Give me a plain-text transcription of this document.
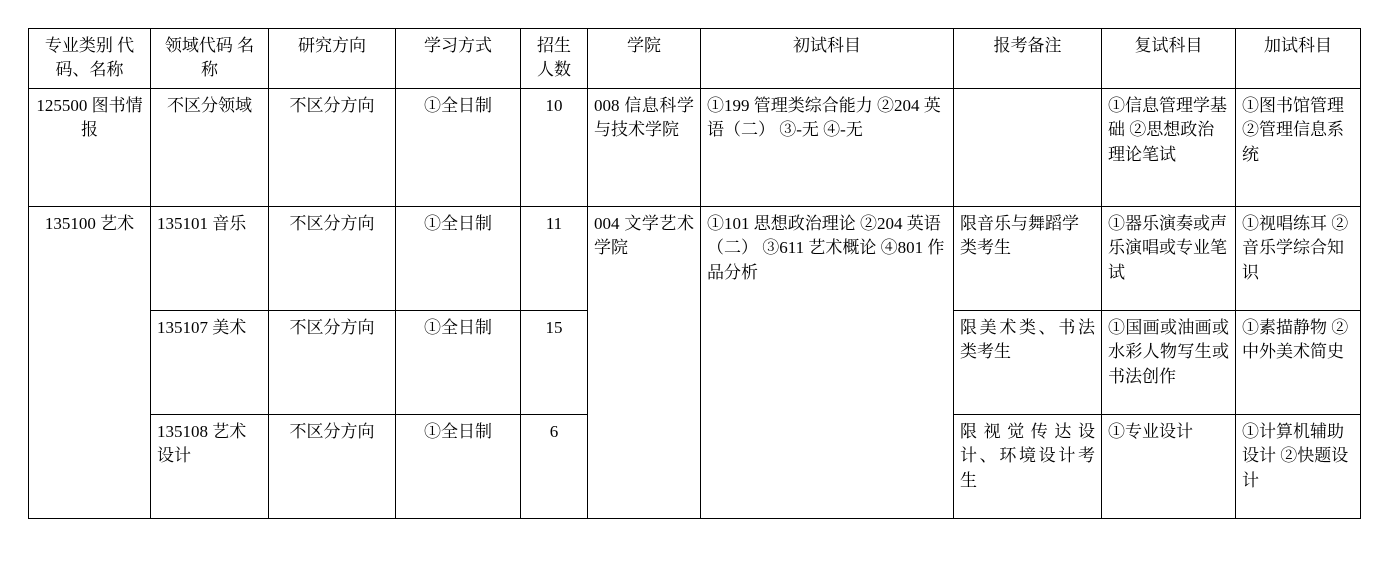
专业类别 代码、名称	领域代码 名称	研究方向	学习方式	招生 人数	学院	初试科目	报考备注	复试科目	加试科目
125500 图书情报	不区分领域	不区分方向	①全日制	10	008 信息科学与技术学院	①199 管理类综合能力 ②204 英语（二） ③-无 ④-无		①信息管理学基础 ②思想政治理论笔试	①图书馆管理 ②管理信息系统
135100 艺术	135101 音乐	不区分方向	①全日制	11	004 文学艺术学院	①101 思想政治理论 ②204 英语（二） ③611 艺术概论 ④801 作品分析	限音乐与舞蹈学类考生	①器乐演奏或声乐演唱或专业笔试	①视唱练耳 ②音乐学综合知识
	135107 美术	不区分方向	①全日制	15			限美术类、书法类考生	①国画或油画或水彩人物写生或书法创作	①素描静物 ②中外美术简史
	135108 艺术设计	不区分方向	①全日制	6			限视觉传达设计、环境设计考生	①专业设计	①计算机辅助设计 ②快题设计
